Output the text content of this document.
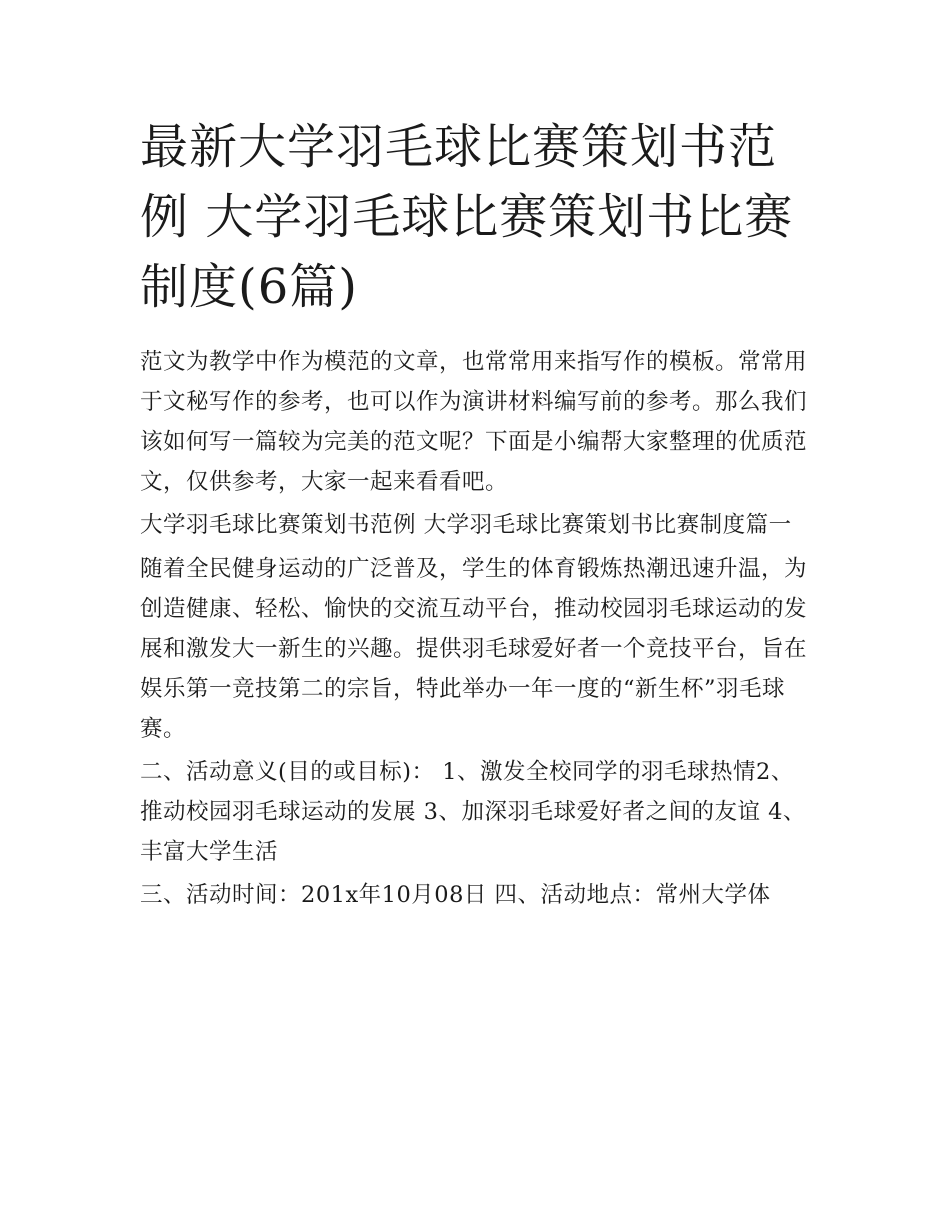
最新大学羽毛球比赛策划书范例 大学羽毛球比赛策划书比赛制度(6篇)

范文为教学中作为模范的文章，也常常用来指写作的模板。常常用于文秘写作的参考，也可以作为演讲材料编写前的参考。那么我们该如何写一篇较为完美的范文呢？下面是小编帮大家整理的优质范文，仅供参考，大家一起来看看吧。

大学羽毛球比赛策划书范例 大学羽毛球比赛策划书比赛制度篇一

随着全民健身运动的广泛普及，学生的体育锻炼热潮迅速升温，为创造健康、轻松、愉快的交流互动平台，推动校园羽毛球运动的发展和激发大一新生的兴趣。提供羽毛球爱好者一个竞技平台，旨在娱乐第一竞技第二的宗旨，特此举办一年一度的“新生杯”羽毛球赛。

二、活动意义(目的或目标)： 1、激发全校同学的羽毛球热情2、推动校园羽毛球运动的发展 3、加深羽毛球爱好者之间的友谊 4、丰富大学生活

三、活动时间：201x年10月08日 四、活动地点：常州大学体
